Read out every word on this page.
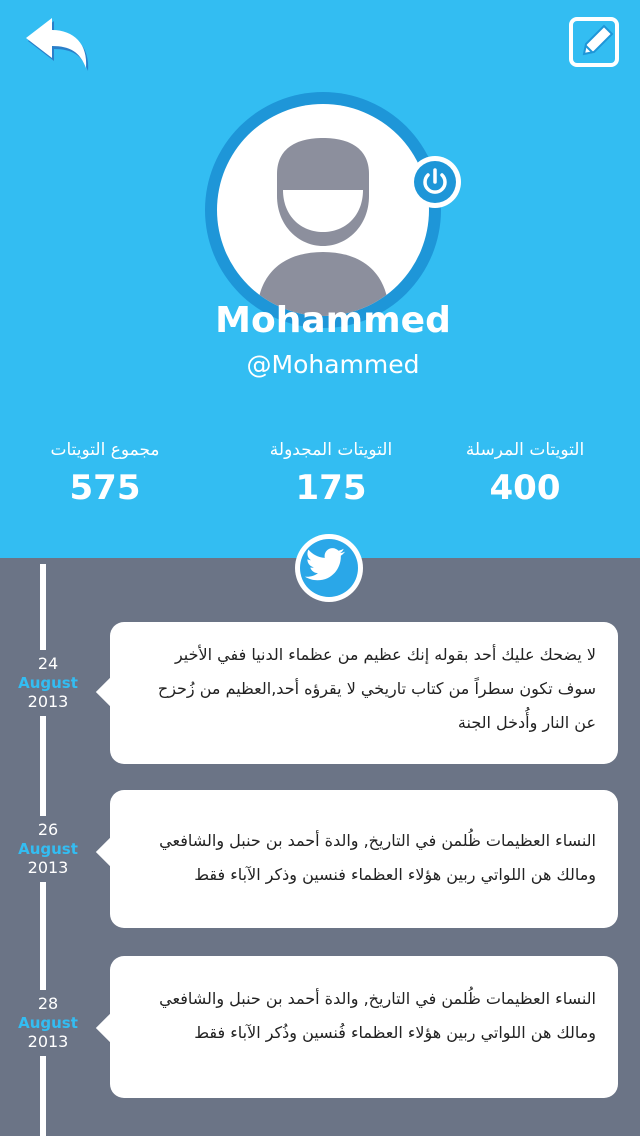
Mohammed
@Mohammed
التويتات المرسلة
400
التويتات المجدولة
175
مجموع التويتات
575
24
August
2013
لا يضحك عليك أحد بقوله إنك عظيم من عظماء الدنيا ففي الأخير سوف تكون سطراً من كتاب تاريخي لا يقرؤه أحد,العظيم من زُحزح عن النار وأُدخل الجنة
26
August
2013
النساء العظيمات ظُلمن في التاريخ, والدة أحمد بن حنبل والشافعي ومالك هن اللواتي ربين هؤلاء العظماء فنسين وذكر الآباء فقط
28
August
2013
النساء العظيمات ظُلمن في التاريخ, والدة أحمد بن حنبل والشافعي ومالك هن اللواتي ربين هؤلاء العظماء فُنسين وذُكر الآباء فقط
